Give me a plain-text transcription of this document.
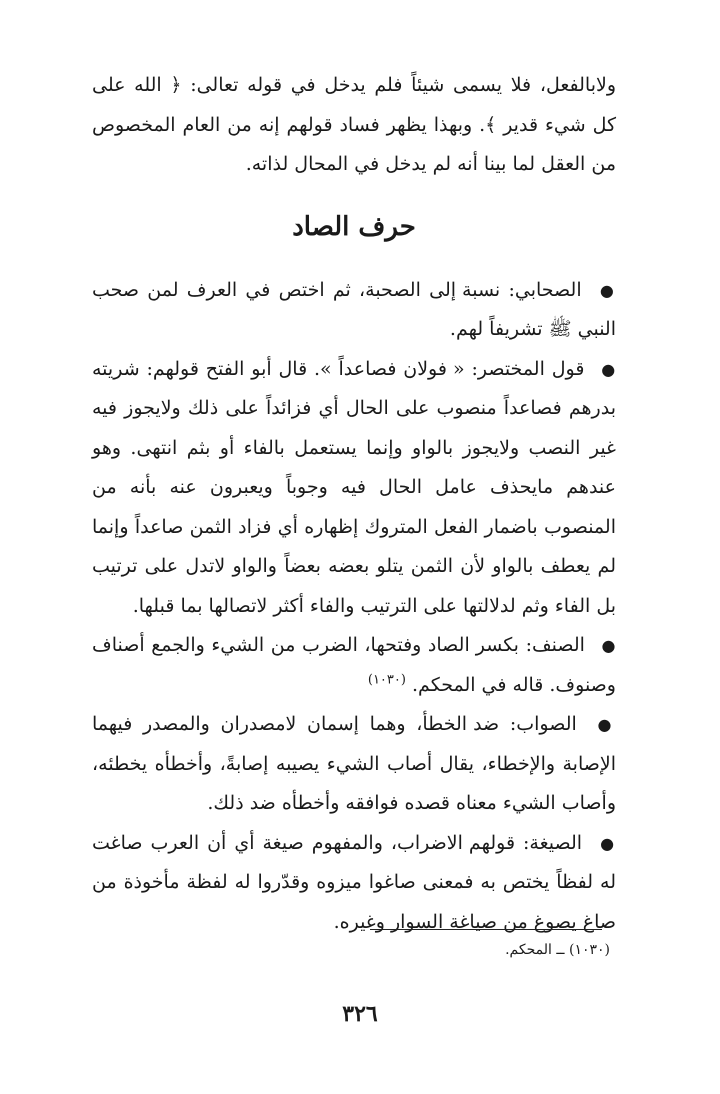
ولابالفعل، فلا يسمى شيئاً فلم يدخل في قوله تعالى: ﴿ الله على كل شيء قدير ﴾. وبهذا يظهر فساد قولهم إنه من العام المخصوص من العقل لما بينا أنه لم يدخل في المحال لذاته.

حرف الصاد

● الصحابي: نسبة إلى الصحبة، ثم اختص في العرف لمن صحب النبي ﷺ تشريفاً لهم.

● قول المختصر: « فولان فصاعداً ». قال أبو الفتح قولهم: شريته بدرهم فصاعداً منصوب على الحال أي فزائداً على ذلك ولايجوز فيه غير النصب ولايجوز بالواو وإنما يستعمل بالفاء أو بثم انتهى. وهو عندهم مايحذف عامل الحال فيه وجوباً ويعبرون عنه بأنه من المنصوب باضمار الفعل المتروك إظهاره أي فزاد الثمن صاعداً وإنما لم يعطف بالواو لأن الثمن يتلو بعضه بعضاً والواو لاتدل على ترتيب بل الفاء وثم لدلالتها على الترتيب والفاء أكثر لاتصالها بما قبلها.

● الصنف: بكسر الصاد وفتحها، الضرب من الشيء والجمع أصناف وصنوف. قاله في المحكم. $^{(١٠٣٠)}$

● الصواب: ضد الخطأ، وهما إسمان لامصدران والمصدر فيهما الإصابة والإخطاء، يقال أصاب الشيء يصيبه إصابةً، وأخطأه يخطئه، وأصاب الشيء معناه قصده فوافقه وأخطأه ضد ذلك.

● الصيغة: قولهم الاضراب، والمفهوم صيغة أي أن العرب صاغت له لفظاً يختص به فمعنى صاغوا ميزوه وقدّروا له لفظة مأخوذة من صاغ يصوغ من صياغة السوار وغيره.

(١٠٣٠) ــ المحكم.
٣٢٦
